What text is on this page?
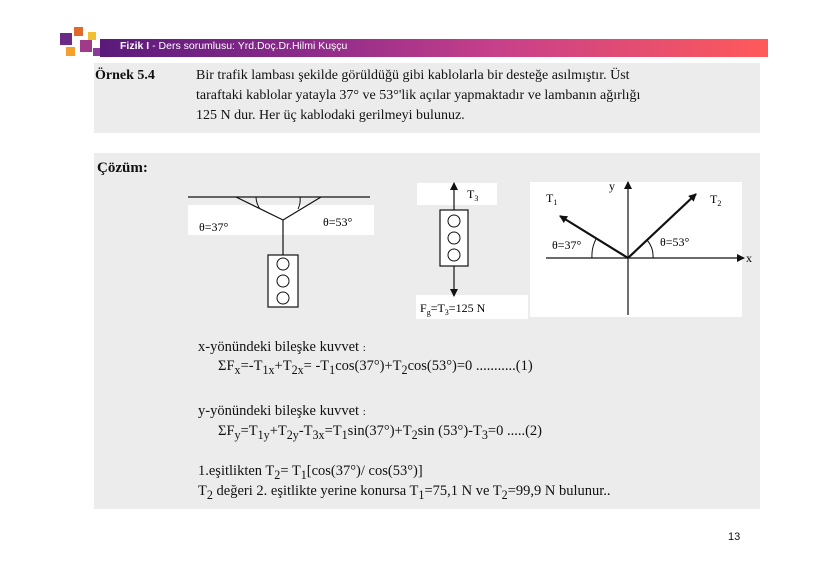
Fizik I - Ders sorumlusu: Yrd.Doç.Dr.Hilmi Kuşçu
Örnek 5.4	Bir trafik lambası şekilde görüldüğü gibi kablolarla bir desteğe asılmıştır. Üst
taraftaki kablolar yatayla 37° ve 53°'lik açılar yapmaktadır ve lambanın ağırlığı
125 N dur. Her üç kablodaki gerilmeyi bulunuz.
Çözüm:
θ=37°	θ=53°
$T_3$
$F_g=T_3=125$ N
$T_1$	$T_2$
y
x
θ=37°	θ=53°
x-yönündeki bileşke kuvvet :
$\Sigma F_x=-T_{1x}+T_{2x}= -T_1\cos(37^\circ)+T_2\cos(53^\circ)=0$ ...........(1)
y-yönündeki bileşke kuvvet :
$\Sigma F_y=T_{1y}+T_{2y}-T_{3x}=T_1\sin(37^\circ)+T_2\sin$ $(53^\circ)-T_3=0$ .....(2)
1.eşitlikten $T_2= T_1[\cos(37^\circ)/$ cos(53°)]
$T_2$ değeri 2. eşitlikte yerine konursa $T_1=75,1$ N ve $T_2=99,9$ N bulunur..
13
